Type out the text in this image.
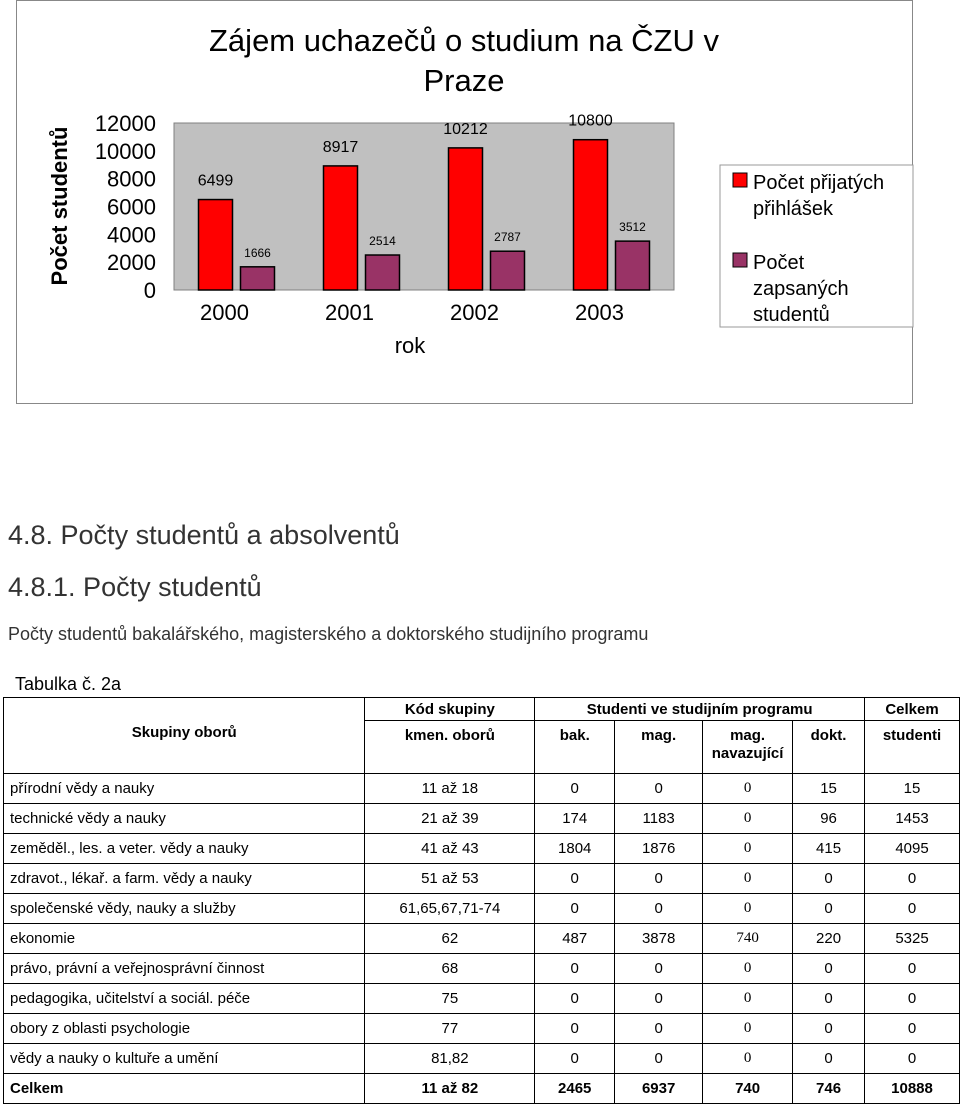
Zájem uchazečů o studium na ČZU v
Praze
Počet studentů
0
2000
4000
6000
8000
10000
12000
6499
1666
2000
8917
2514
2001
10212
2787
2002
10800
3512
2003
rok
Počet přijatých
přihlášek
Počet
zapsaných
studentů
4.8. Počty studentů a absolventů
4.8.1. Počty studentů
Počty studentů bakalářského, magisterského a doktorského studijního programu
Tabulka č. 2a
Skupiny oborů	Kód skupiny	Studenti ve studijním programu				Celkem
	kmen. oborů	bak.	mag.	mag. navazující	dokt.	studenti
přírodní vědy a nauky	11 až 18	0	0	0	15	15
technické vědy a nauky	21 až 39	174	1183	0	96	1453
zeměděl., les. a veter. vědy a nauky	41 až 43	1804	1876	0	415	4095
zdravot., lékař. a farm. vědy a nauky	51 až 53	0	0	0	0	0
společenské vědy, nauky a služby	61,65,67,71-74	0	0	0	0	0
ekonomie	62	487	3878	740	220	5325
právo, právní a veřejnosprávní činnost	68	0	0	0	0	0
pedagogika, učitelství a sociál. péče	75	0	0	0	0	0
obory z oblasti psychologie	77	0	0	0	0	0
vědy a nauky o kultuře a umění	81,82	0	0	0	0	0
Celkem	11 až 82	2465	6937	740	746	10888
